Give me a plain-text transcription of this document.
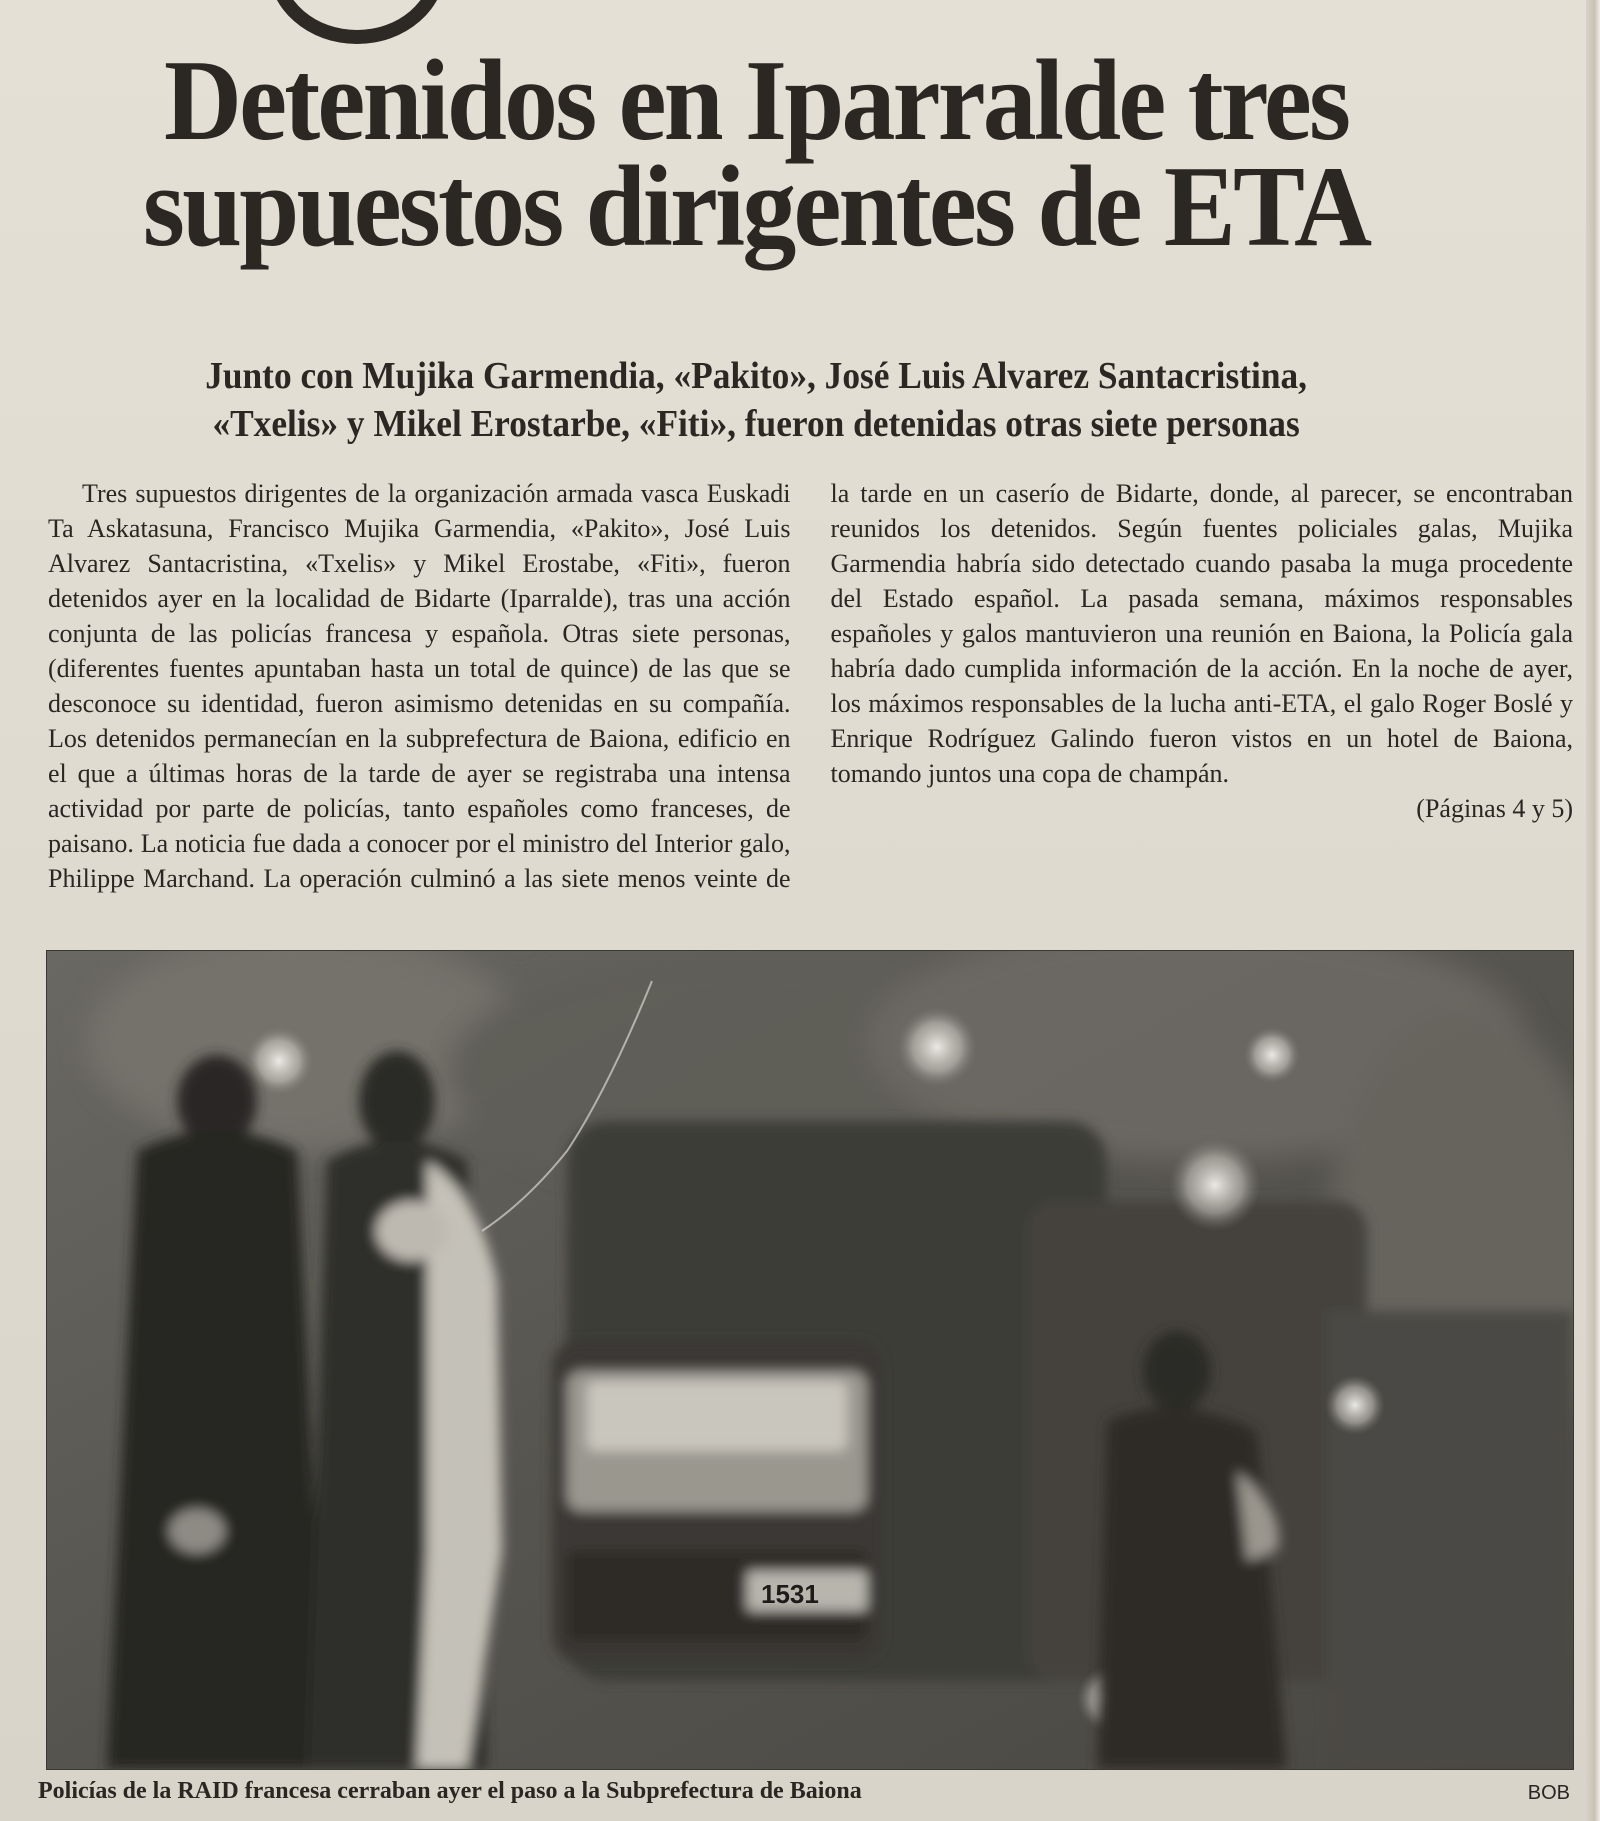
Detenidos en Iparralde tres
supuestos dirigentes de ETA
Junto con Mujika Garmendia, «Pakito», José Luis Alvarez Santacristina,
«Txelis» y Mikel Erostarbe, «Fiti», fueron detenidas otras siete personas

Tres supuestos dirigentes de la organización armada vasca Euskadi Ta Askatasuna, Francisco Mujika Garmendia, «Pakito», José Luis Alvarez Santacristina, «Txelis» y Mikel Erostabe, «Fiti», fueron detenidos ayer en la localidad de Bidarte (Iparralde), tras una acción conjunta de las policías francesa y española. Otras siete personas, (diferentes fuentes apuntaban hasta un total de quince) de las que se desconoce su identidad, fueron asimismo detenidas en su compañía. Los detenidos permanecían en la subprefectura de Baiona, edificio en el que a últimas horas de la tarde de ayer se registraba una intensa actividad por parte de policías, tanto españoles como franceses, de paisano. La noticia fue dada a conocer por el ministro del Interior galo, Philippe Marchand. La operación culminó a las siete menos veinte de la tarde en un caserío de Bidarte, donde, al parecer, se encontraban reunidos los detenidos. Según fuentes policiales galas, Mujika Garmendia habría sido detectado cuando pasaba la muga procedente del Estado español. La pasada semana, máximos responsables españoles y galos mantuvieron una reunión en Baiona, la Policía gala habría dado cumplida información de la acción. En la noche de ayer, los máximos responsables de la lucha anti-ETA, el galo Roger Boslé y Enrique Rodríguez Galindo fueron vistos en un hotel de Baiona, tomando juntos una copa de champán.

(Páginas 4 y 5)
1531
Policías de la RAID francesa cerraban ayer el paso a la Subprefectura de Baiona	BOB
